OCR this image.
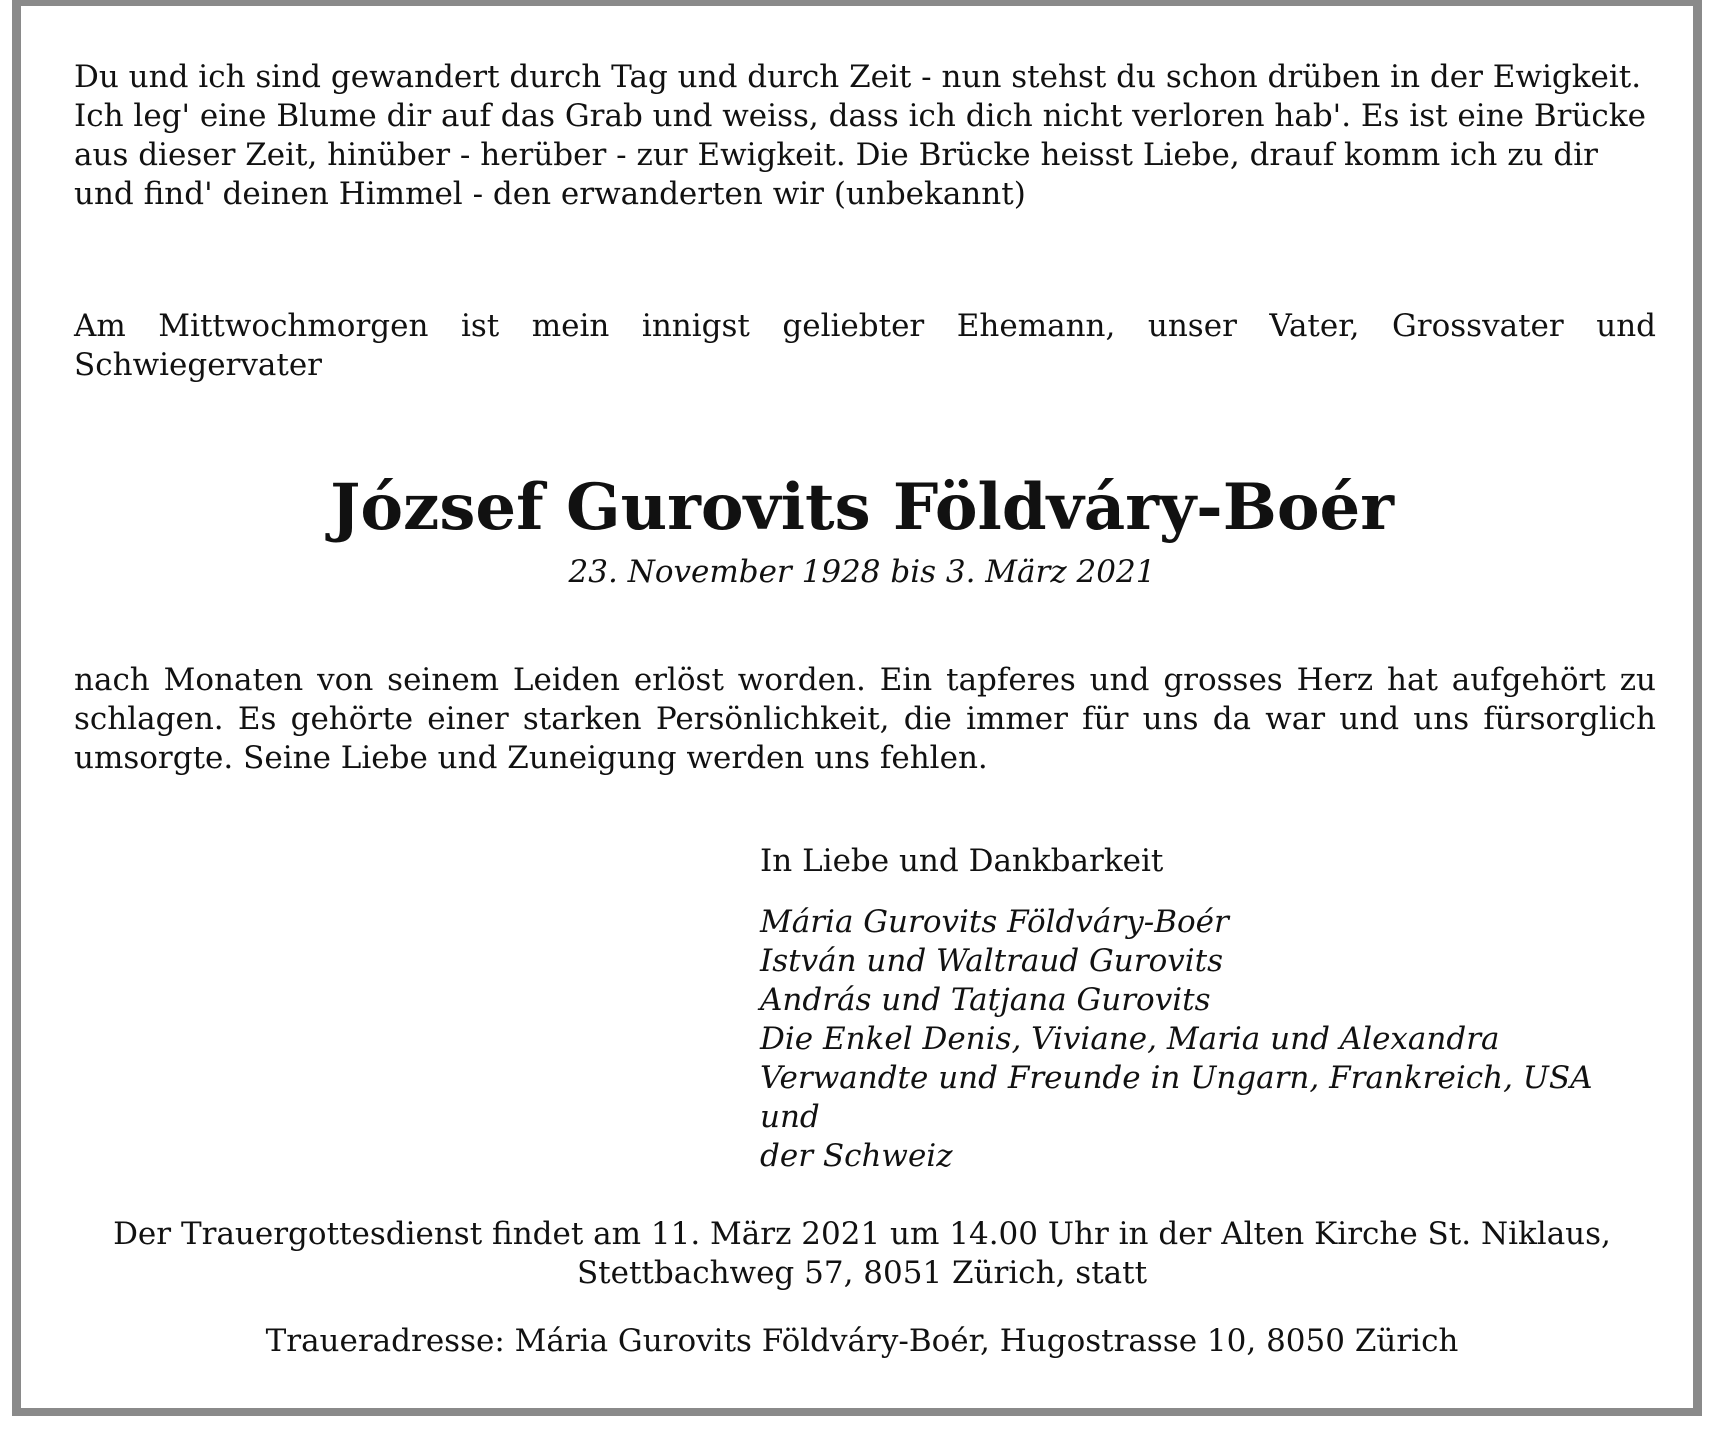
Du und ich sind gewandert durch Tag und durch Zeit - nun stehst du schon drüben in der Ewigkeit.
Ich leg' eine Blume dir auf das Grab und weiss, dass ich dich nicht verloren hab'. Es ist eine Brücke
aus dieser Zeit, hinüber - herüber - zur Ewigkeit. Die Brücke heisst Liebe, drauf komm ich zu dir
und find' deinen Himmel - den erwanderten wir (unbekannt)
Am Mittwochmorgen ist mein innigst geliebter Ehemann, unser Vater, Grossvater und
Schwiegervater
József Gurovits Földváry-Boér
23. November 1928 bis 3. März 2021
nach Monaten von seinem Leiden erlöst worden. Ein tapferes und grosses Herz hat aufgehört zu schlagen. Es gehörte einer starken Persönlichkeit, die immer für uns da war und uns fürsorglich umsorgte. Seine Liebe und Zuneigung werden uns fehlen.
In Liebe und Dankbarkeit
Mária Gurovits Földváry-Boér
István und Waltraud Gurovits
András und Tatjana Gurovits
Die Enkel Denis, Viviane, Maria und Alexandra
Verwandte und Freunde in Ungarn, Frankreich, USA und
der Schweiz
Der Trauergottesdienst findet am 11. März 2021 um 14.00 Uhr in der Alten Kirche St. Niklaus,
Stettbachweg 57, 8051 Zürich, statt
Traueradresse: Mária Gurovits Földváry-Boér, Hugostrasse 10, 8050 Zürich
